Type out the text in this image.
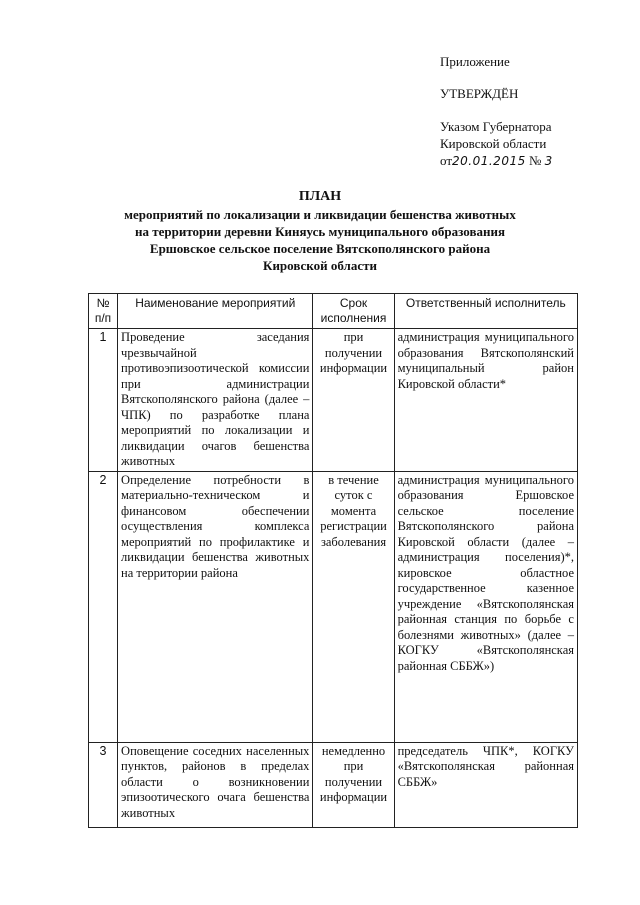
Приложение
УТВЕРЖДЁН
Указом Губернатора
Кировской области
от20.01.2015 № 3
ПЛАН
мероприятий по локализации и ликвидации бешенства животных
на территории деревни Киняусь муниципального образования
Ершовское сельское поселение Вятскополянского района
Кировской области
№ п/п	Наименование мероприятий	Срок исполнения	Ответственный исполнитель
1	Проведение заседания чрезвычайной противоэпизоотической комиссии при администрации Вятскополянского района (далее – ЧПК) по разработке плана мероприятий по локализации и ликвидации очагов бешенства животных	при получении информации	администрация муниципального образования Вятскополянский муниципальный район Кировской области*
2	Определение потребности в материально-техническом и финансовом обеспечении осуществления комплекса мероприятий по профилактике и ликвидации бешенства животных на территории района	в течение суток с момента регистрации заболевания	администрация муниципального образования Ершовское сельское поселение Вятскополянского района Кировской области (далее – администрация поселения)*, кировское областное государственное казенное учреждение «Вятскополянская районная станция по борьбе с болезнями животных» (далее – КОГКУ «Вятскополянская районная СББЖ»)
3	Оповещение соседних населенных пунктов, районов в пределах области о возникновении эпизоотического очага бешенства животных	немедленно при получении информации	председатель ЧПК*, КОГКУ «Вятскополянская районная СББЖ»
